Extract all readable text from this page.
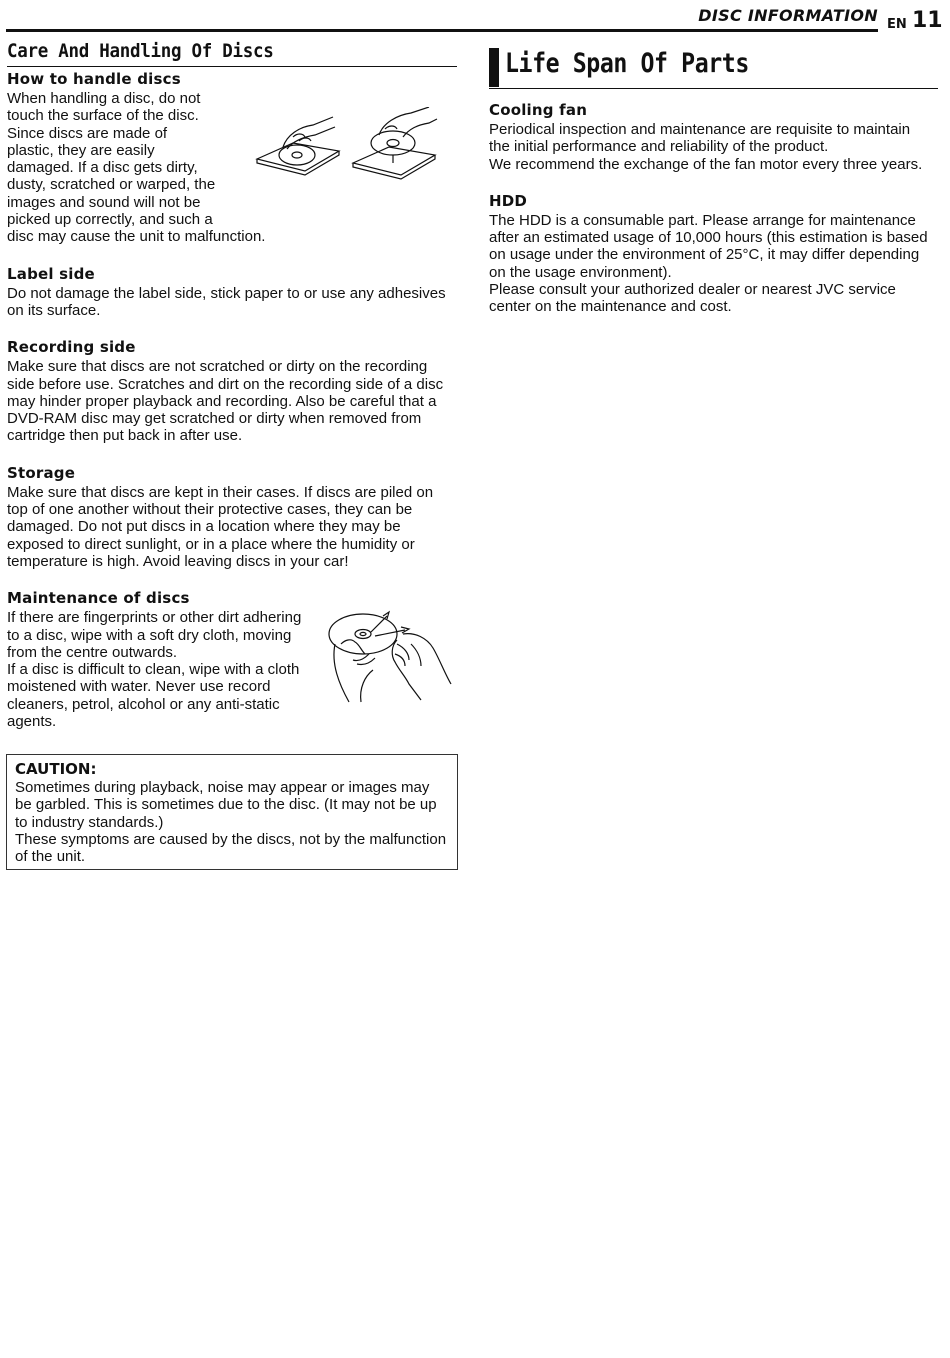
DISC INFORMATION EN 11
Care And Handling Of Discs
How to handle discs
When handling a disc, do not
touch the surface of the disc.
Since discs are made of
plastic, they are easily
damaged. If a disc gets dirty,
dusty, scratched or warped, the
images and sound will not be
picked up correctly, and such a
disc may cause the unit to malfunction.
Label side
Do not damage the label side, stick paper to or use any adhesives
on its surface.
Recording side
Make sure that discs are not scratched or dirty on the recording
side before use. Scratches and dirt on the recording side of a disc
may hinder proper playback and recording. Also be careful that a
DVD-RAM disc may get scratched or dirty when removed from
cartridge then put back in after use.
Storage
Make sure that discs are kept in their cases. If discs are piled on
top of one another without their protective cases, they can be
damaged. Do not put discs in a location where they may be
exposed to direct sunlight, or in a place where the humidity or
temperature is high. Avoid leaving discs in your car!
Maintenance of discs
If there are fingerprints or other dirt adhering
to a disc, wipe with a soft dry cloth, moving
from the centre outwards.
If a disc is difficult to clean, wipe with a cloth
moistened with water. Never use record
cleaners, petrol, alcohol or any anti-static
agents.
CAUTION:
Sometimes during playback, noise may appear or images may
be garbled. This is sometimes due to the disc. (It may not be up
to industry standards.)
These symptoms are caused by the discs, not by the malfunction
of the unit.
Life Span Of Parts
Cooling fan
Periodical inspection and maintenance are requisite to maintain
the initial performance and reliability of the product.
We recommend the exchange of the fan motor every three years.
HDD
The HDD is a consumable part. Please arrange for maintenance
after an estimated usage of 10,000 hours (this estimation is based
on usage under the environment of 25°C, it may differ depending
on the usage environment).
Please consult your authorized dealer or nearest JVC service
center on the maintenance and cost.
